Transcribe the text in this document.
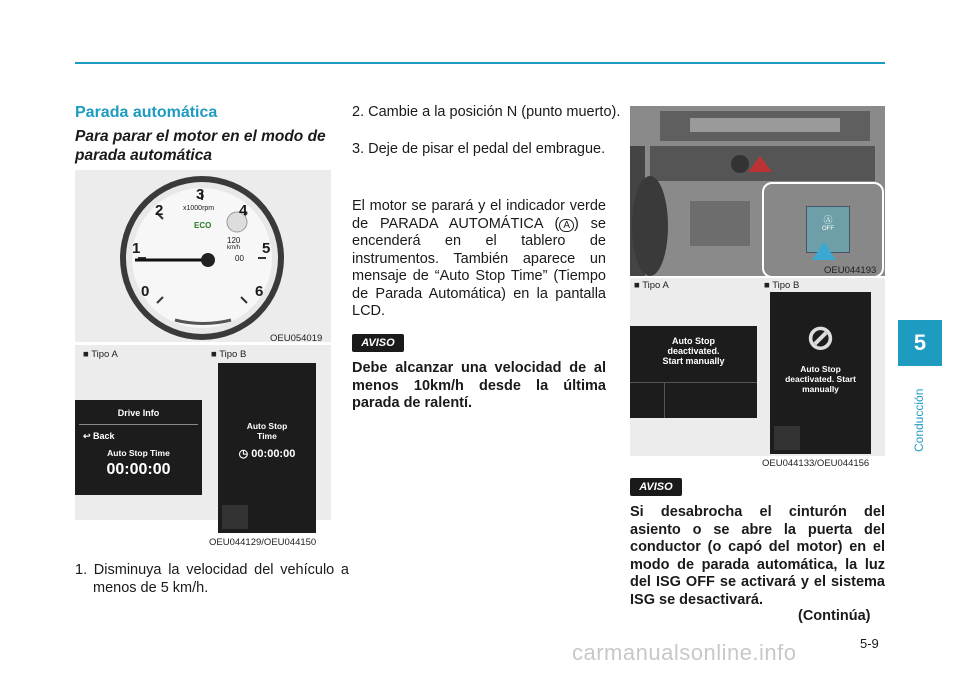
Parada automática
Para parar el motor en el modo de parada automática
3
2	4
1	5
0	6
x1000rpm
ECO
120
km/h
00
OEU054019
■ Tipo A	■ Tipo B
Drive Info
↩ Back
Auto Stop Time
00:00:00
Auto Stop
Time
◷ 00:00:00
OEU044129/OEU044150
1. Disminuya la velocidad del vehículo a menos de 5 km/h.
2. Cambie a la posición N (punto muerto).
3. Deje de pisar el pedal del embrague.
El motor se parará y el indicador verde de PARADA AUTOMÁTICA ( A ) se encenderá en el tablero de instrumentos. También aparece un mensaje de “Auto Stop Time” (Tiempo de Parada Automática) en la pantalla LCD.
AVISO
Debe alcanzar una velocidad de al menos 10km/h desde la última parada de ralentí.
Ⓐ
OFF
OEU044193
■ Tipo A	■ Tipo B
Auto Stop
deactivated.
Start manually
⊘
Auto Stop
deactivated. Start
manually
OEU044133/OEU044156
AVISO
Si desabrocha el cinturón del asiento o se abre la puerta del conductor (o capó del motor) en el modo de parada automática, la luz del ISG OFF se activará y el sistema ISG se desactivará.
(Continúa)
5
Conducción
5-9
carmanualsonline.info
